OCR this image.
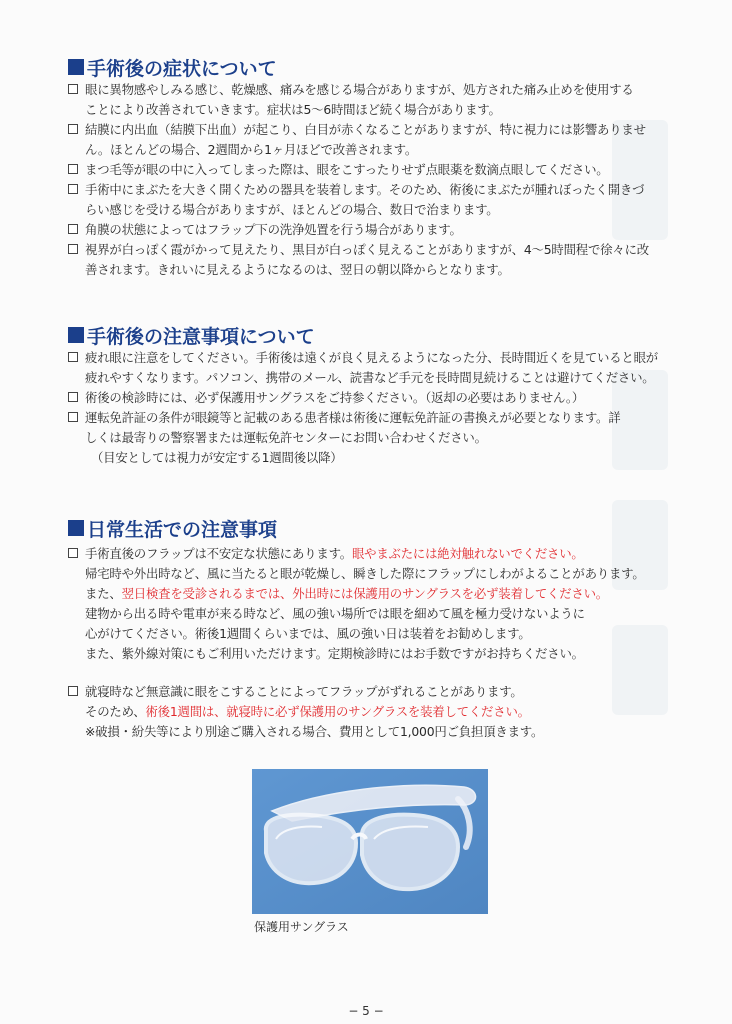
手術後の症状について
眼に異物感やしみる感じ、乾燥感、痛みを感じる場合がありますが、処方された痛み止めを使用する
ことにより改善されていきます。症状は5〜6時間ほど続く場合があります。
結膜に内出血（結膜下出血）が起こり、白目が赤くなることがありますが、特に視力には影響ありませ
ん。ほとんどの場合、2週間から1ヶ月ほどで改善されます。
まつ毛等が眼の中に入ってしまった際は、眼をこすったりせず点眼薬を数滴点眼してください。
手術中にまぶたを大きく開くための器具を装着します。そのため、術後にまぶたが腫れぼったく開きづ
らい感じを受ける場合がありますが、ほとんどの場合、数日で治まります。
角膜の状態によってはフラップ下の洗浄処置を行う場合があります。
視界が白っぽく霞がかって見えたり、黒目が白っぽく見えることがありますが、4〜5時間程で徐々に改
善されます。きれいに見えるようになるのは、翌日の朝以降からとなります。
手術後の注意事項について
疲れ眼に注意をしてください。手術後は遠くが良く見えるようになった分、長時間近くを見ていると眼が
疲れやすくなります。パソコン、携帯のメール、読書など手元を長時間見続けることは避けてください。
術後の検診時には、必ず保護用サングラスをご持参ください。（返却の必要はありません。）
運転免許証の条件が眼鏡等と記載のある患者様は術後に運転免許証の書換えが必要となります。詳
しくは最寄りの警察署または運転免許センターにお問い合わせください。
　（目安としては視力が安定する1週間後以降）
日常生活での注意事項
手術直後のフラップは不安定な状態にあります。眼やまぶたには絶対触れないでください。
帰宅時や外出時など、風に当たると眼が乾燥し、瞬きした際にフラップにしわがよることがあります。
また、翌日検査を受診されるまでは、外出時には保護用のサングラスを必ず装着してください。
建物から出る時や電車が来る時など、風の強い場所では眼を細めて風を極力受けないように
心がけてください。術後1週間くらいまでは、風の強い日は装着をお勧めします。
また、紫外線対策にもご利用いただけます。定期検診時にはお手数ですがお持ちください。
就寝時など無意識に眼をこすることによってフラップがずれることがあります。
そのため、術後1週間は、就寝時に必ず保護用のサングラスを装着してください。
※破損・紛失等により別途ご購入される場合、費用として1,000円ご負担頂きます。
保護用サングラス
− 5 −
